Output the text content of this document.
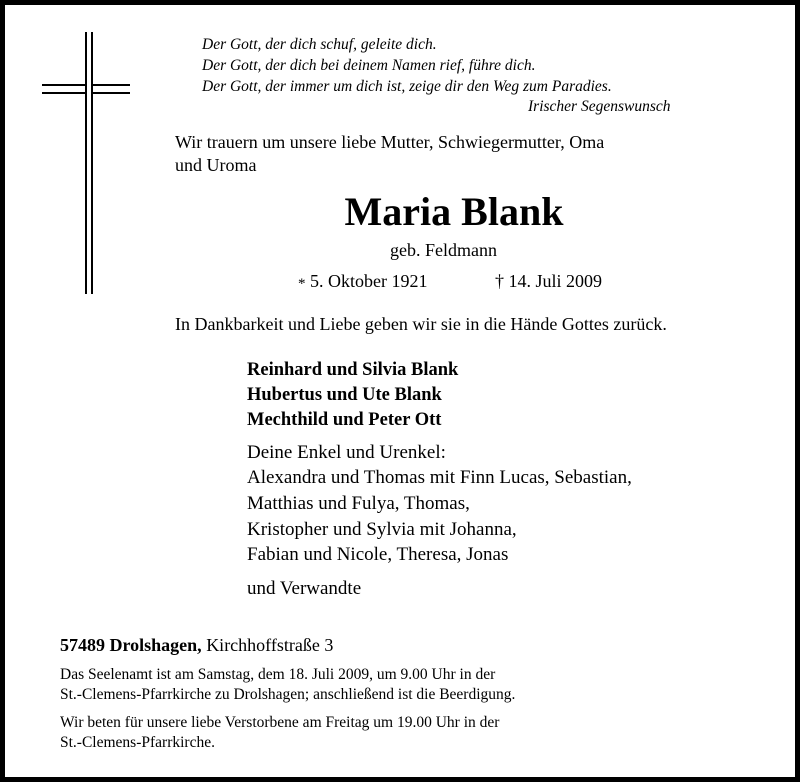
Der Gott, der dich schuf, geleite dich.
Der Gott, der dich bei deinem Namen rief, führe dich.
Der Gott, der immer um dich ist, zeige dir den Weg zum Paradies.
Irischer Segenswunsch
Wir trauern um unsere liebe Mutter, Schwiegermutter, Oma
und Uroma
Maria Blank
geb. Feldmann
* 5. Oktober 1921	† 14. Juli 2009
In Dankbarkeit und Liebe geben wir sie in die Hände Gottes zurück.
Reinhard und Silvia Blank
Hubertus und Ute Blank
Mechthild und Peter Ott
Deine Enkel und Urenkel:
Alexandra und Thomas mit Finn Lucas, Sebastian,
Matthias und Fulya, Thomas,
Kristopher und Sylvia mit Johanna,
Fabian und Nicole, Theresa, Jonas
und Verwandte
57489 Drolshagen, Kirchhoffstraße 3
Das Seelenamt ist am Samstag, dem 18. Juli 2009, um 9.00 Uhr in der
St.-Clemens-Pfarrkirche zu Drolshagen; anschließend ist die Beerdigung.
Wir beten für unsere liebe Verstorbene am Freitag um 19.00 Uhr in der
St.-Clemens-Pfarrkirche.
